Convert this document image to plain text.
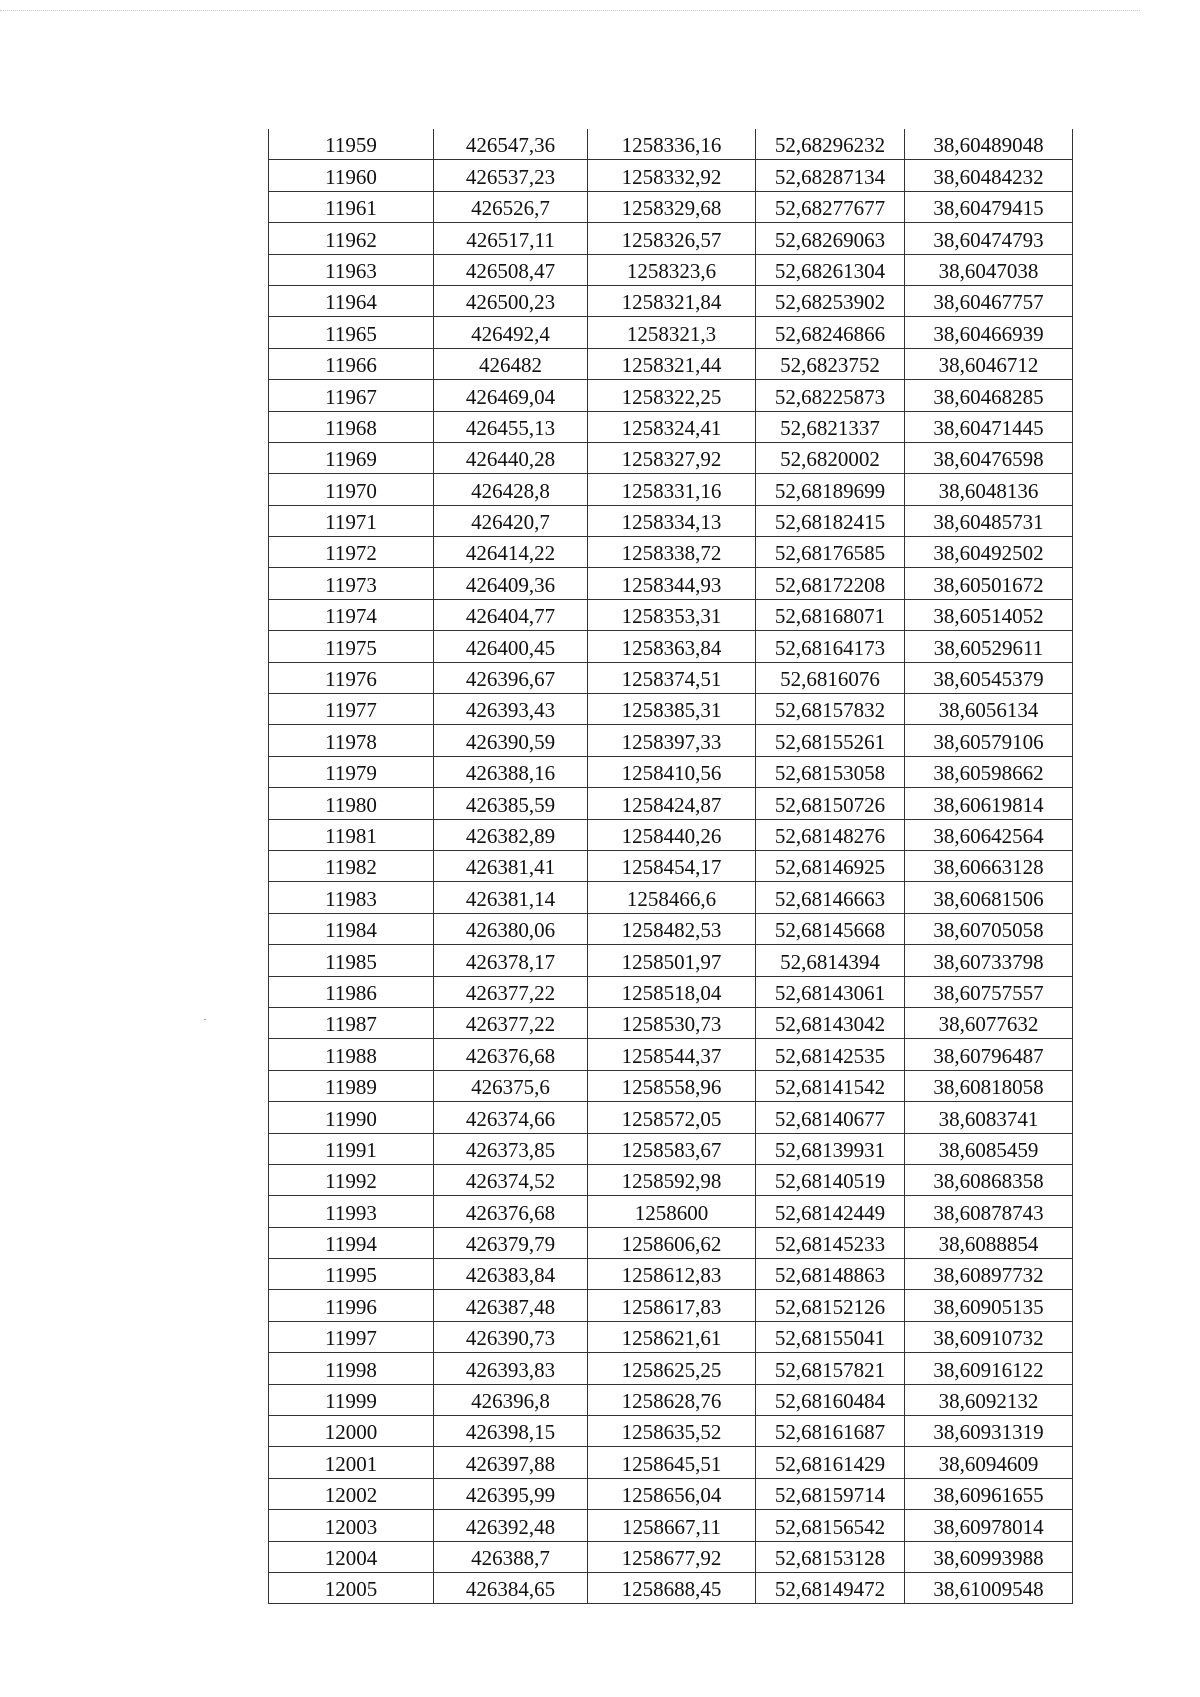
11959	426547,36	1258336,16	52,68296232	38,60489048
11960	426537,23	1258332,92	52,68287134	38,60484232
11961	426526,7	1258329,68	52,68277677	38,60479415
11962	426517,11	1258326,57	52,68269063	38,60474793
11963	426508,47	1258323,6	52,68261304	38,6047038
11964	426500,23	1258321,84	52,68253902	38,60467757
11965	426492,4	1258321,3	52,68246866	38,60466939
11966	426482	1258321,44	52,6823752	38,6046712
11967	426469,04	1258322,25	52,68225873	38,60468285
11968	426455,13	1258324,41	52,6821337	38,60471445
11969	426440,28	1258327,92	52,6820002	38,60476598
11970	426428,8	1258331,16	52,68189699	38,6048136
11971	426420,7	1258334,13	52,68182415	38,60485731
11972	426414,22	1258338,72	52,68176585	38,60492502
11973	426409,36	1258344,93	52,68172208	38,60501672
11974	426404,77	1258353,31	52,68168071	38,60514052
11975	426400,45	1258363,84	52,68164173	38,60529611
11976	426396,67	1258374,51	52,6816076	38,60545379
11977	426393,43	1258385,31	52,68157832	38,6056134
11978	426390,59	1258397,33	52,68155261	38,60579106
11979	426388,16	1258410,56	52,68153058	38,60598662
11980	426385,59	1258424,87	52,68150726	38,60619814
11981	426382,89	1258440,26	52,68148276	38,60642564
11982	426381,41	1258454,17	52,68146925	38,60663128
11983	426381,14	1258466,6	52,68146663	38,60681506
11984	426380,06	1258482,53	52,68145668	38,60705058
11985	426378,17	1258501,97	52,6814394	38,60733798
11986	426377,22	1258518,04	52,68143061	38,60757557
11987	426377,22	1258530,73	52,68143042	38,6077632
11988	426376,68	1258544,37	52,68142535	38,60796487
11989	426375,6	1258558,96	52,68141542	38,60818058
11990	426374,66	1258572,05	52,68140677	38,6083741
11991	426373,85	1258583,67	52,68139931	38,6085459
11992	426374,52	1258592,98	52,68140519	38,60868358
11993	426376,68	1258600	52,68142449	38,60878743
11994	426379,79	1258606,62	52,68145233	38,6088854
11995	426383,84	1258612,83	52,68148863	38,60897732
11996	426387,48	1258617,83	52,68152126	38,60905135
11997	426390,73	1258621,61	52,68155041	38,60910732
11998	426393,83	1258625,25	52,68157821	38,60916122
11999	426396,8	1258628,76	52,68160484	38,6092132
12000	426398,15	1258635,52	52,68161687	38,60931319
12001	426397,88	1258645,51	52,68161429	38,6094609
12002	426395,99	1258656,04	52,68159714	38,60961655
12003	426392,48	1258667,11	52,68156542	38,60978014
12004	426388,7	1258677,92	52,68153128	38,60993988
12005	426384,65	1258688,45	52,68149472	38,61009548
